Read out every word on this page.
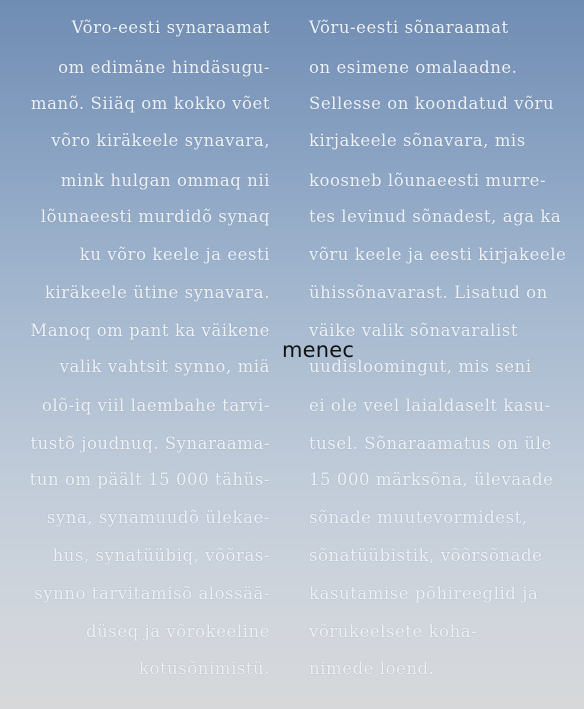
Võro-eesti synaraamat
om edimäne hindäsugu-
manõ. Siiäq om kokko võet
võro kiräkeele synavara,
mink hulgan ommaq nii
lõunaeesti murdidõ synaq
ku võro keele ja eesti
kiräkeele ütine synavara.
Manoq om pant ka väikene
valik vahtsit synno, miä
olõ-iq viil laembahe tarvi-
tustõ joudnuq. Synaraama-
tun om päält 15 000 tähüs-
syna, synamuudõ ülekae-
hus, synatüübiq, võõras-
synno tarvitamisõ alossää-
düseq ja võrokeeline
kotusõnimistü.
Võru-eesti sõnaraamat
on esimene omalaadne.
Sellesse on koondatud võru
kirjakeele sõnavara, mis
koosneb lõunaeesti murre-
tes levinud sõnadest, aga ka
võru keele ja eesti kirjakeele
ühissõnavarast. Lisatud on
väike valik sõnavaralist
uudisloomingut, mis seni
ei ole veel laialdaselt kasu-
tusel. Sõnaraamatus on üle
15 000 märksõna, ülevaade
sõnade muutevormidest,
sõnatüübistik, võõrsõnade
kasutamise põhireeglid ja
võrukeelsete koha-
nimede loend.
menec
